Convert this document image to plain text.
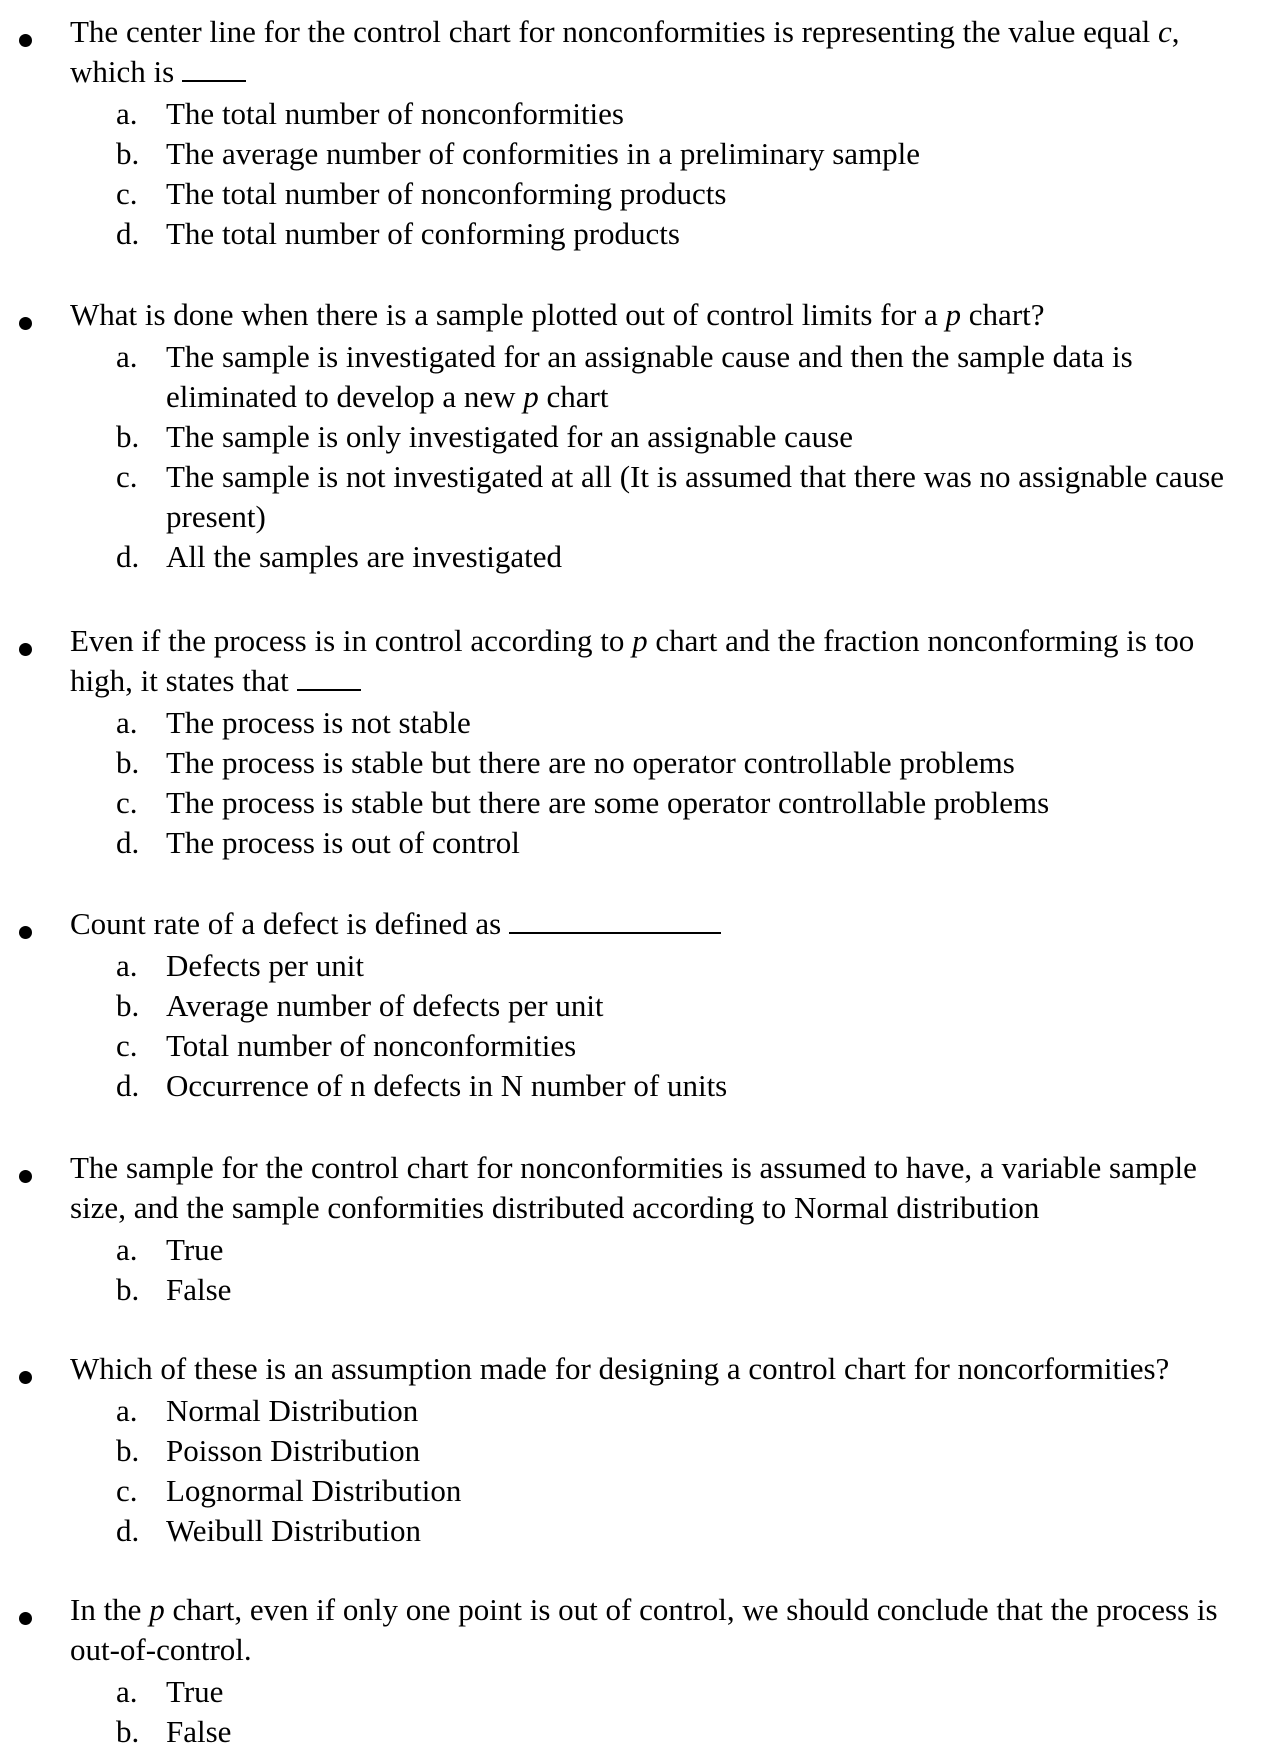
The center line for the control chart for nonconformities is representing the value equal c, which is

a. The total number of nonconformities
b. The average number of conformities in a preliminary sample
c. The total number of nonconforming products
d. The total number of conforming products

What is done when there is a sample plotted out of control limits for a p chart?

a. The sample is investigated for an assignable cause and then the sample data is eliminated to develop a new p chart
b. The sample is only investigated for an assignable cause
c. The sample is not investigated at all (It is assumed that there was no assignable cause present)
d. All the samples are investigated

Even if the process is in control according to p chart and the fraction nonconforming is too high, it states that

a. The process is not stable
b. The process is stable but there are no operator controllable problems
c. The process is stable but there are some operator controllable problems
d. The process is out of control

Count rate of a defect is defined as

a. Defects per unit
b. Average number of defects per unit
c. Total number of nonconformities
d. Occurrence of n defects in N number of units

The sample for the control chart for nonconformities is assumed to have, a variable sample size, and the sample conformities distributed according to Normal distribution

a. True
b. False

Which of these is an assumption made for designing a control chart for noncorformities?

a. Normal Distribution
b. Poisson Distribution
c. Lognormal Distribution
d. Weibull Distribution

In the p chart, even if only one point is out of control, we should conclude that the process is out-of-control.

a. True
b. False
